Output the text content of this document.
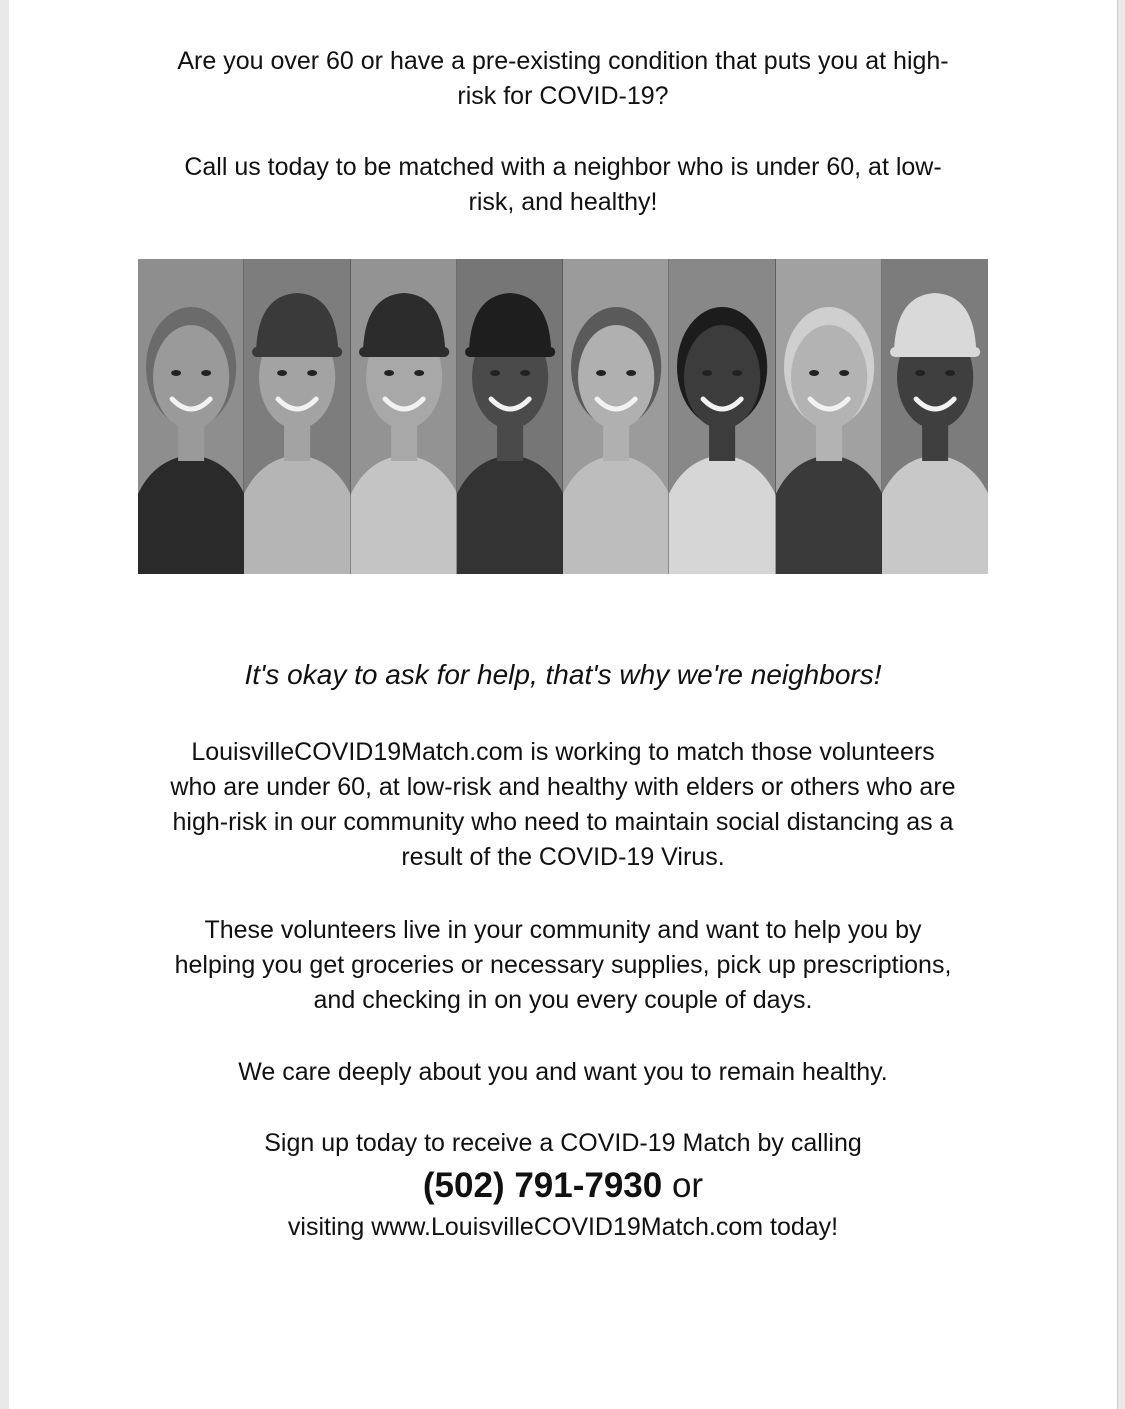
Are you over 60 or have a pre-existing condition that puts you at high-
risk for COVID-19?

Call us today to be matched with a neighbor who is under 60, at low-
risk, and healthy!

It's okay to ask for help, that's why we're neighbors!

LouisvilleCOVID19Match.com is working to match those volunteers
who are under 60, at low-risk and healthy with elders or others who are
high-risk in our community who need to maintain social distancing as a
result of the COVID-19 Virus.

These volunteers live in your community and want to help you by
helping you get groceries or necessary supplies, pick up prescriptions,
and checking in on you every couple of days.

We care deeply about you and want you to remain healthy.

Sign up today to receive a COVID-19 Match by calling

(502) 791-7930 or

visiting www.LouisvilleCOVID19Match.com today!
